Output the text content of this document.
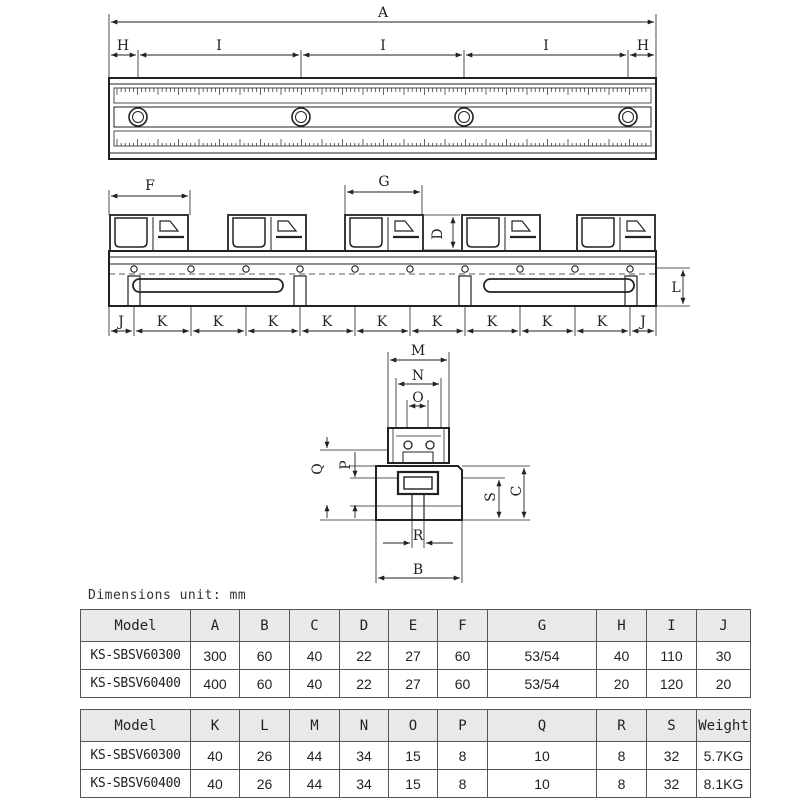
A
H	I	I	I	H
F	G
D
L
J K	K	K	K	K	K	K	K	K J
M
N
O
P
Q
S
C
R
B
Dimensions unit: mm
Model	A	B	C	D	E	F	G	H	I	J
KS-SBSV60300	300	60	40	22	27	60	53/54	40	110	30
KS-SBSV60400	400	60	40	22	27	60	53/54	20	120	20
Model	K	L	M	N	O	P	Q	R	S	Weight
KS-SBSV60300	40	26	44	34	15	8	10	8	32	5.7KG
KS-SBSV60400	40	26	44	34	15	8	10	8	32	8.1KG
